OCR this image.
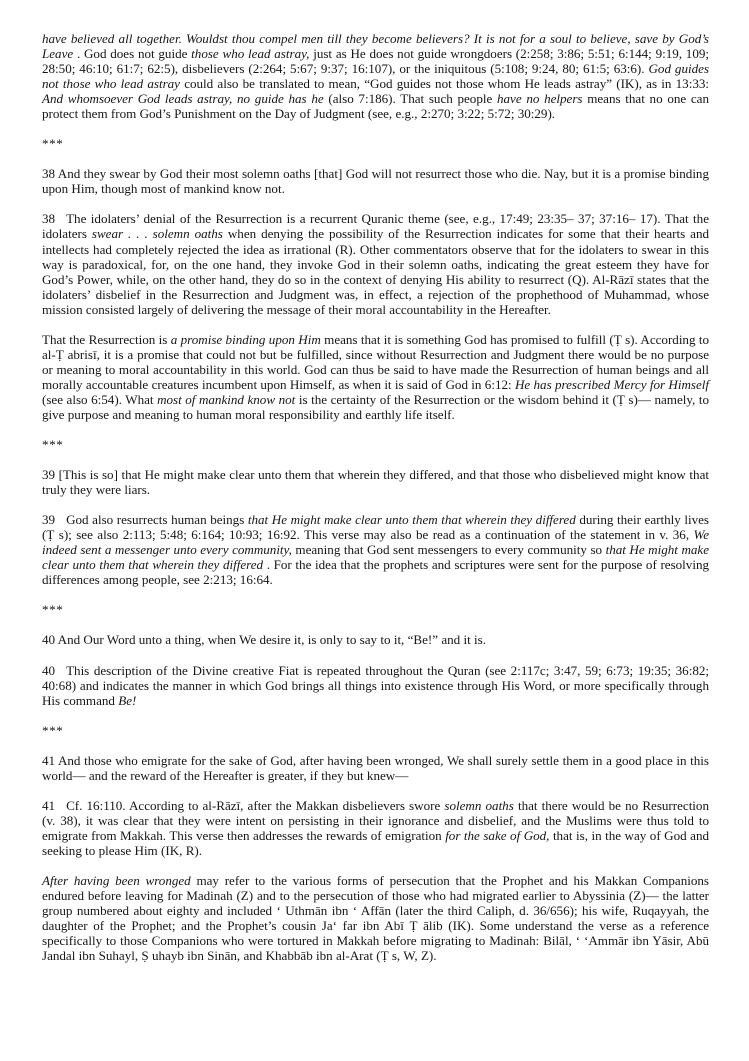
have believed all together. Wouldst thou compel men till they become believers? It is not for a soul to believe, save by God’s Leave . God does not guide those who lead astray, just as He does not guide wrongdoers (2:258; 3:86; 5:51; 6:144; 9:19, 109; 28:50; 46:10; 61:7; 62:5), disbelievers (2:264; 5:67; 9:37; 16:107), or the iniquitous (5:108; 9:24, 80; 61:5; 63:6). God guides not those who lead astray could also be translated to mean, “God guides not those whom He leads astray” (IK), as in 13:33: And whomsoever God leads astray, no guide has he (also 7:186). That such people have no helpers means that no one can protect them from God’s Punishment on the Day of Judgment (see, e.g., 2:270; 3:22; 5:72; 30:29).

***

38 And they swear by God their most solemn oaths [that] God will not resurrect those who die. Nay, but it is a promise binding upon Him, though most of mankind know not.

38 The idolaters’ denial of the Resurrection is a recurrent Quranic theme (see, e.g., 17:49; 23:35– 37; 37:16– 17). That the idolaters swear . . . solemn oaths when denying the possibility of the Resurrection indicates for some that their hearts and intellects had completely rejected the idea as irrational (R). Other commentators observe that for the idolaters to swear in this way is paradoxical, for, on the one hand, they invoke God in their solemn oaths, indicating the great esteem they have for God’s Power, while, on the other hand, they do so in the context of denying His ability to resurrect (Q). Al-Rāzī states that the idolaters’ disbelief in the Resurrection and Judgment was, in effect, a rejection of the prophethood of Muhammad, whose mission consisted largely of delivering the message of their moral accountability in the Hereafter.

That the Resurrection is a promise binding upon Him means that it is something God has promised to fulfill (Ṭ s). According to al-Ṭ abrisī, it is a promise that could not but be fulfilled, since without Resurrection and Judgment there would be no purpose or meaning to moral accountability in this world. God can thus be said to have made the Resurrection of human beings and all morally accountable creatures incumbent upon Himself, as when it is said of God in 6:12: He has prescribed Mercy for Himself (see also 6:54). What most of mankind know not is the certainty of the Resurrection or the wisdom behind it (Ṭ s)— namely, to give purpose and meaning to human moral responsibility and earthly life itself.

***

39 [This is so] that He might make clear unto them that wherein they differed, and that those who disbelieved might know that truly they were liars.

39 God also resurrects human beings that He might make clear unto them that wherein they differed during their earthly lives (Ṭ s); see also 2:113; 5:48; 6:164; 10:93; 16:92. This verse may also be read as a continuation of the statement in v. 36, We indeed sent a messenger unto every community, meaning that God sent messengers to every community so that He might make clear unto them that wherein they differed . For the idea that the prophets and scriptures were sent for the purpose of resolving differences among people, see 2:213; 16:64.

***

40 And Our Word unto a thing, when We desire it, is only to say to it, “Be!” and it is.

40 This description of the Divine creative Fiat is repeated throughout the Quran (see 2:117c; 3:47, 59; 6:73; 19:35; 36:82; 40:68) and indicates the manner in which God brings all things into existence through His Word, or more specifically through His command Be!

***

41 And those who emigrate for the sake of God, after having been wronged, We shall surely settle them in a good place in this world— and the reward of the Hereafter is greater, if they but knew—

41 Cf. 16:110. According to al-Rāzī, after the Makkan disbelievers swore solemn oaths that there would be no Resurrection (v. 38), it was clear that they were intent on persisting in their ignorance and disbelief, and the Muslims were thus told to emigrate from Makkah. This verse then addresses the rewards of emigration for the sake of God, that is, in the way of God and seeking to please Him (IK, R).

After having been wronged may refer to the various forms of persecution that the Prophet and his Makkan Companions endured before leaving for Madinah (Z) and to the persecution of those who had migrated earlier to Abyssinia (Z)— the latter group numbered about eighty and included ‘ Uthmān ibn ‘ Affān (later the third Caliph, d. 36/656); his wife, Ruqayyah, the daughter of the Prophet; and the Prophet’s cousin Ja‘ far ibn Abī Ṭ ālib (IK). Some understand the verse as a reference specifically to those Companions who were tortured in Makkah before migrating to Madinah: Bilāl, ‘ ‘Ammār ibn Yāsir, Abū Jandal ibn Suhayl, Ṣ uhayb ibn Sinān, and Khabbāb ibn al-Arat (Ṭ s, W, Z).
